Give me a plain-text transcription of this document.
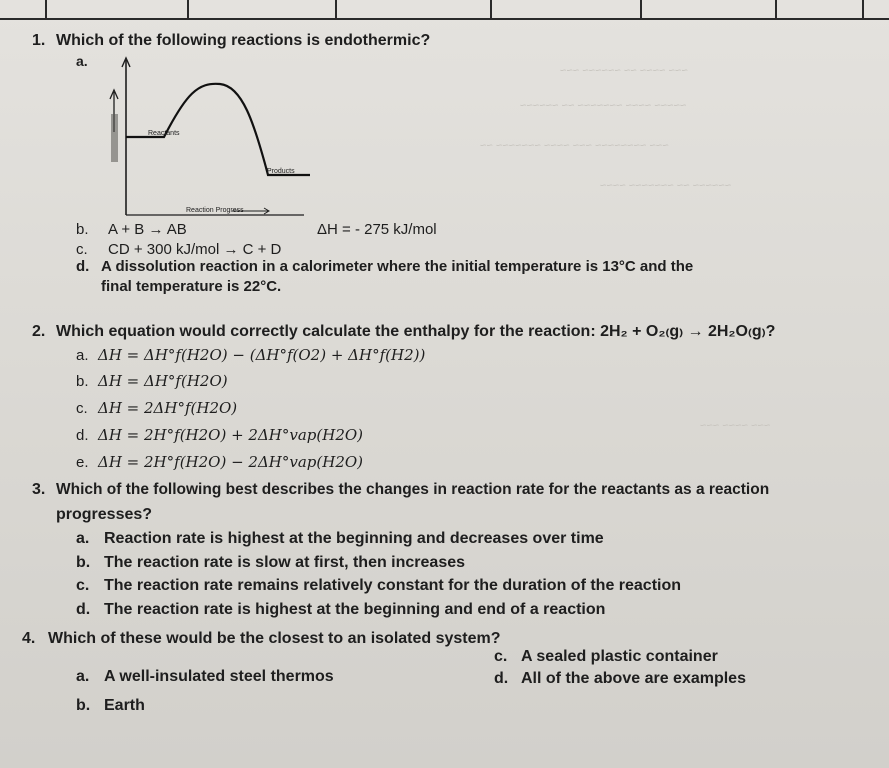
~~~ ~~~~ ~~ ~~~~~~ ~~~
~~~~~ ~~~~ ~~~~~~~ ~~ ~~~~~~
~~~ ~~~~~~~~ ~~~ ~~~~ ~~~~~~~ ~~
~~~~~~ ~~ ~~~~~~~ ~~~~
~~~ ~~~~ ~~~
1. Which of the following reactions is endothermic?
a.
Reactants
Products
Reaction Progress
b. A + B → AB	ΔH = - 275 kJ/mol
c. CD + 300 kJ/mol → C + D
d. A dissolution reaction in a calorimeter where the initial temperature is 13°C and the
final temperature is 22°C.
2. Which equation would correctly calculate the enthalpy for the reaction: 2H₂ + O₂₍g₎ → 2H₂O₍g₎?
a. ΔH = ΔH°f(H2O) − (ΔH°f(O2) + ΔH°f(H2))
b. ΔH = ΔH°f(H2O)
c. ΔH = 2ΔH°f(H2O)
d. ΔH = 2H°f(H2O) + 2ΔH°vap(H2O)
e. ΔH = 2H°f(H2O) − 2ΔH°vap(H2O)
3. Which of the following best describes the changes in reaction rate for the reactants as a reaction
progresses?
a. Reaction rate is highest at the beginning and decreases over time
b. The reaction rate is slow at first, then increases
c. The reaction rate remains relatively constant for the duration of the reaction
d. The reaction rate is highest at the beginning and end of a reaction
4. Which of these would be the closest to an isolated system?
a. A well-insulated steel thermos
b. Earth
c. A sealed plastic container
d. All of the above are examples
